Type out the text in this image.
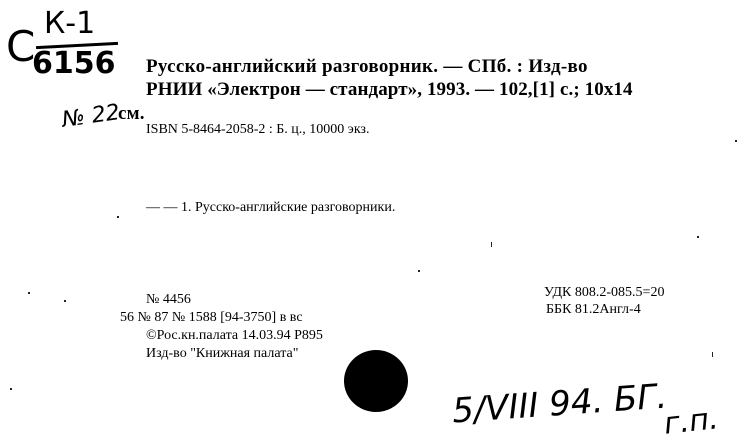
С К-1
6156
№ 22
Русско-английский разговорник. — СПб. : Изд-во
РНИИ «Электрон — стандарт», 1993. — 102,[1] с.; 10x14
см.
ISBN 5-8464-2058-2 : Б. ц., 10000 экз.
— — 1. Русско-английские разговорники.
№ 4456
56 № 87 № 1588 [94-3750] в вс
©Рос.кн.палата 14.03.94 Р895
Изд-во "Книжная палата"
УДК 808.2-085.5=20
ББК 81.2Англ-4
5/VIII 94. БГ.
г.п.
